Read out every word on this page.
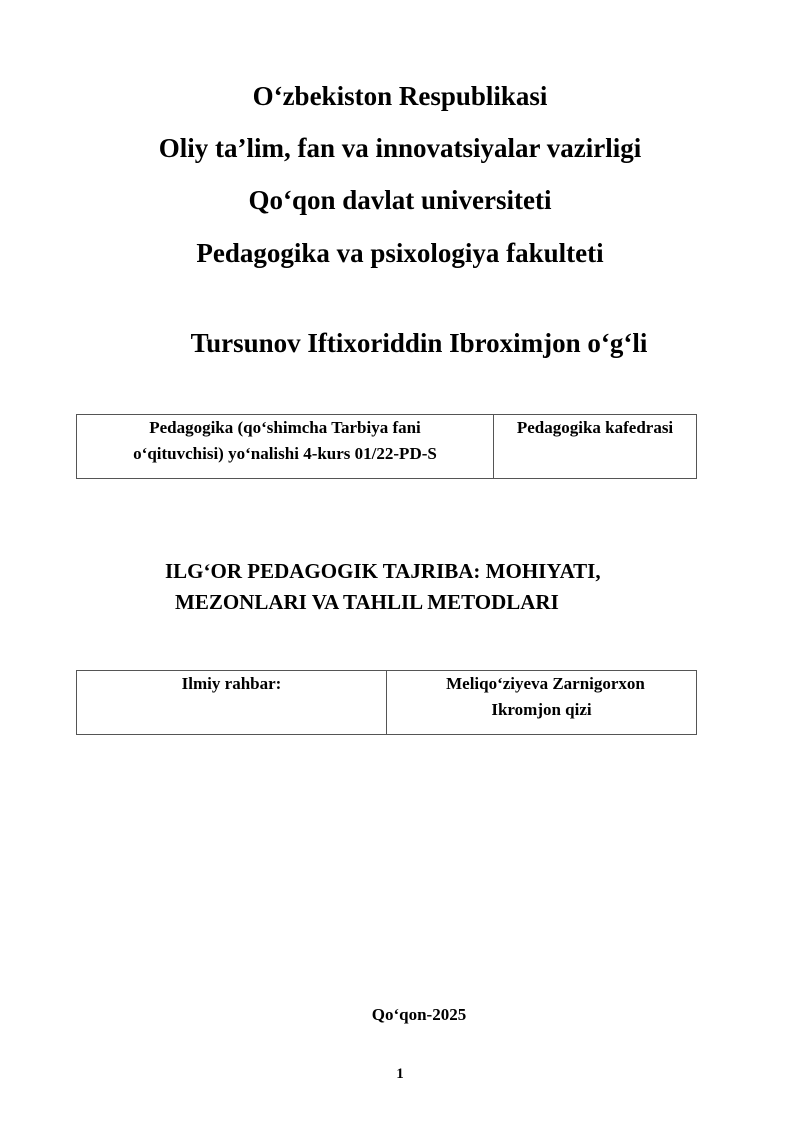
O‘zbekiston Respublikasi
Oliy ta’lim, fan va innovatsiyalar vazirligi
Qo‘qon davlat universiteti
Pedagogika va psixologiya fakulteti
Tursunov Iftixoriddin Ibroximjon o‘g‘li
Pedagogika (qo‘shimcha Tarbiya fani
o‘qituvchisi) yo‘nalishi 4-kurs 01/22-PD-S
Pedagogika kafedrasi
ILG‘OR PEDAGOGIK TAJRIBA: MOHIYATI,
MEZONLARI VA TAHLIL METODLARI
Ilmiy rahbar:	Meliqo‘ziyeva Zarnigorxon
Ikromjon qizi
Qo‘qon-2025
1
